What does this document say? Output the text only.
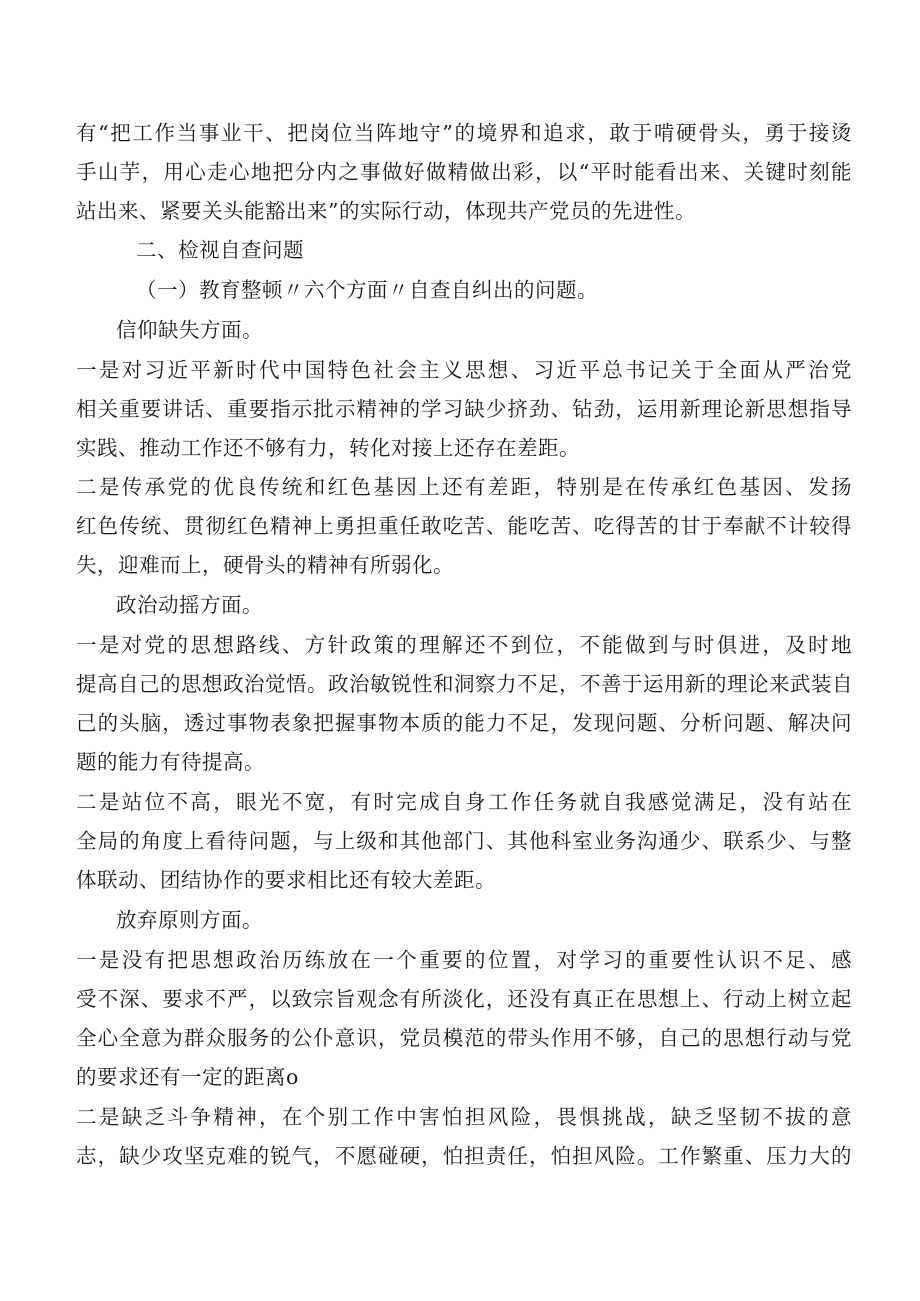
有“把工作当事业干、把岗位当阵地守”的境界和追求，敢于啃硬骨头，勇于接烫
手山芋，用心走心地把分内之事做好做精做出彩，以“平时能看出来、关键时刻能
站出来、紧要关头能豁出来”的实际行动，体现共产党员的先进性。
二、检视自查问题
（一）教育整顿〃六个方面〃自查自纠出的问题。
信仰缺失方面。
一是对习近平新时代中国特色社会主义思想、习近平总书记关于全面从严治党
相关重要讲话、重要指示批示精神的学习缺少挤劲、钻劲，运用新理论新思想指导
实践、推动工作还不够有力，转化对接上还存在差距。
二是传承党的优良传统和红色基因上还有差距，特别是在传承红色基因、发扬
红色传统、贯彻红色精神上勇担重任敢吃苦、能吃苦、吃得苦的甘于奉献不计较得
失，迎难而上，硬骨头的精神有所弱化。
政治动摇方面。
一是对党的思想路线、方针政策的理解还不到位，不能做到与时俱进，及时地
提高自己的思想政治觉悟。政治敏锐性和洞察力不足，不善于运用新的理论来武装自
己的头脑，透过事物表象把握事物本质的能力不足，发现问题、分析问题、解决问
题的能力有待提高。
二是站位不高，眼光不宽，有时完成自身工作任务就自我感觉满足，没有站在
全局的角度上看待问题，与上级和其他部门、其他科室业务沟通少、联系少、与整
体联动、团结协作的要求相比还有较大差距。
放弃原则方面。
一是没有把思想政治历练放在一个重要的位置，对学习的重要性认识不足、感
受不深、要求不严，以致宗旨观念有所淡化，还没有真正在思想上、行动上树立起
全心全意为群众服务的公仆意识，党员模范的带头作用不够，自己的思想行动与党
的要求还有一定的距离o
二是缺乏斗争精神，在个别工作中害怕担风险，畏惧挑战，缺乏坚韧不拔的意
志，缺少攻坚克难的锐气，不愿碰硬，怕担责任，怕担风险。工作繁重、压力大的
